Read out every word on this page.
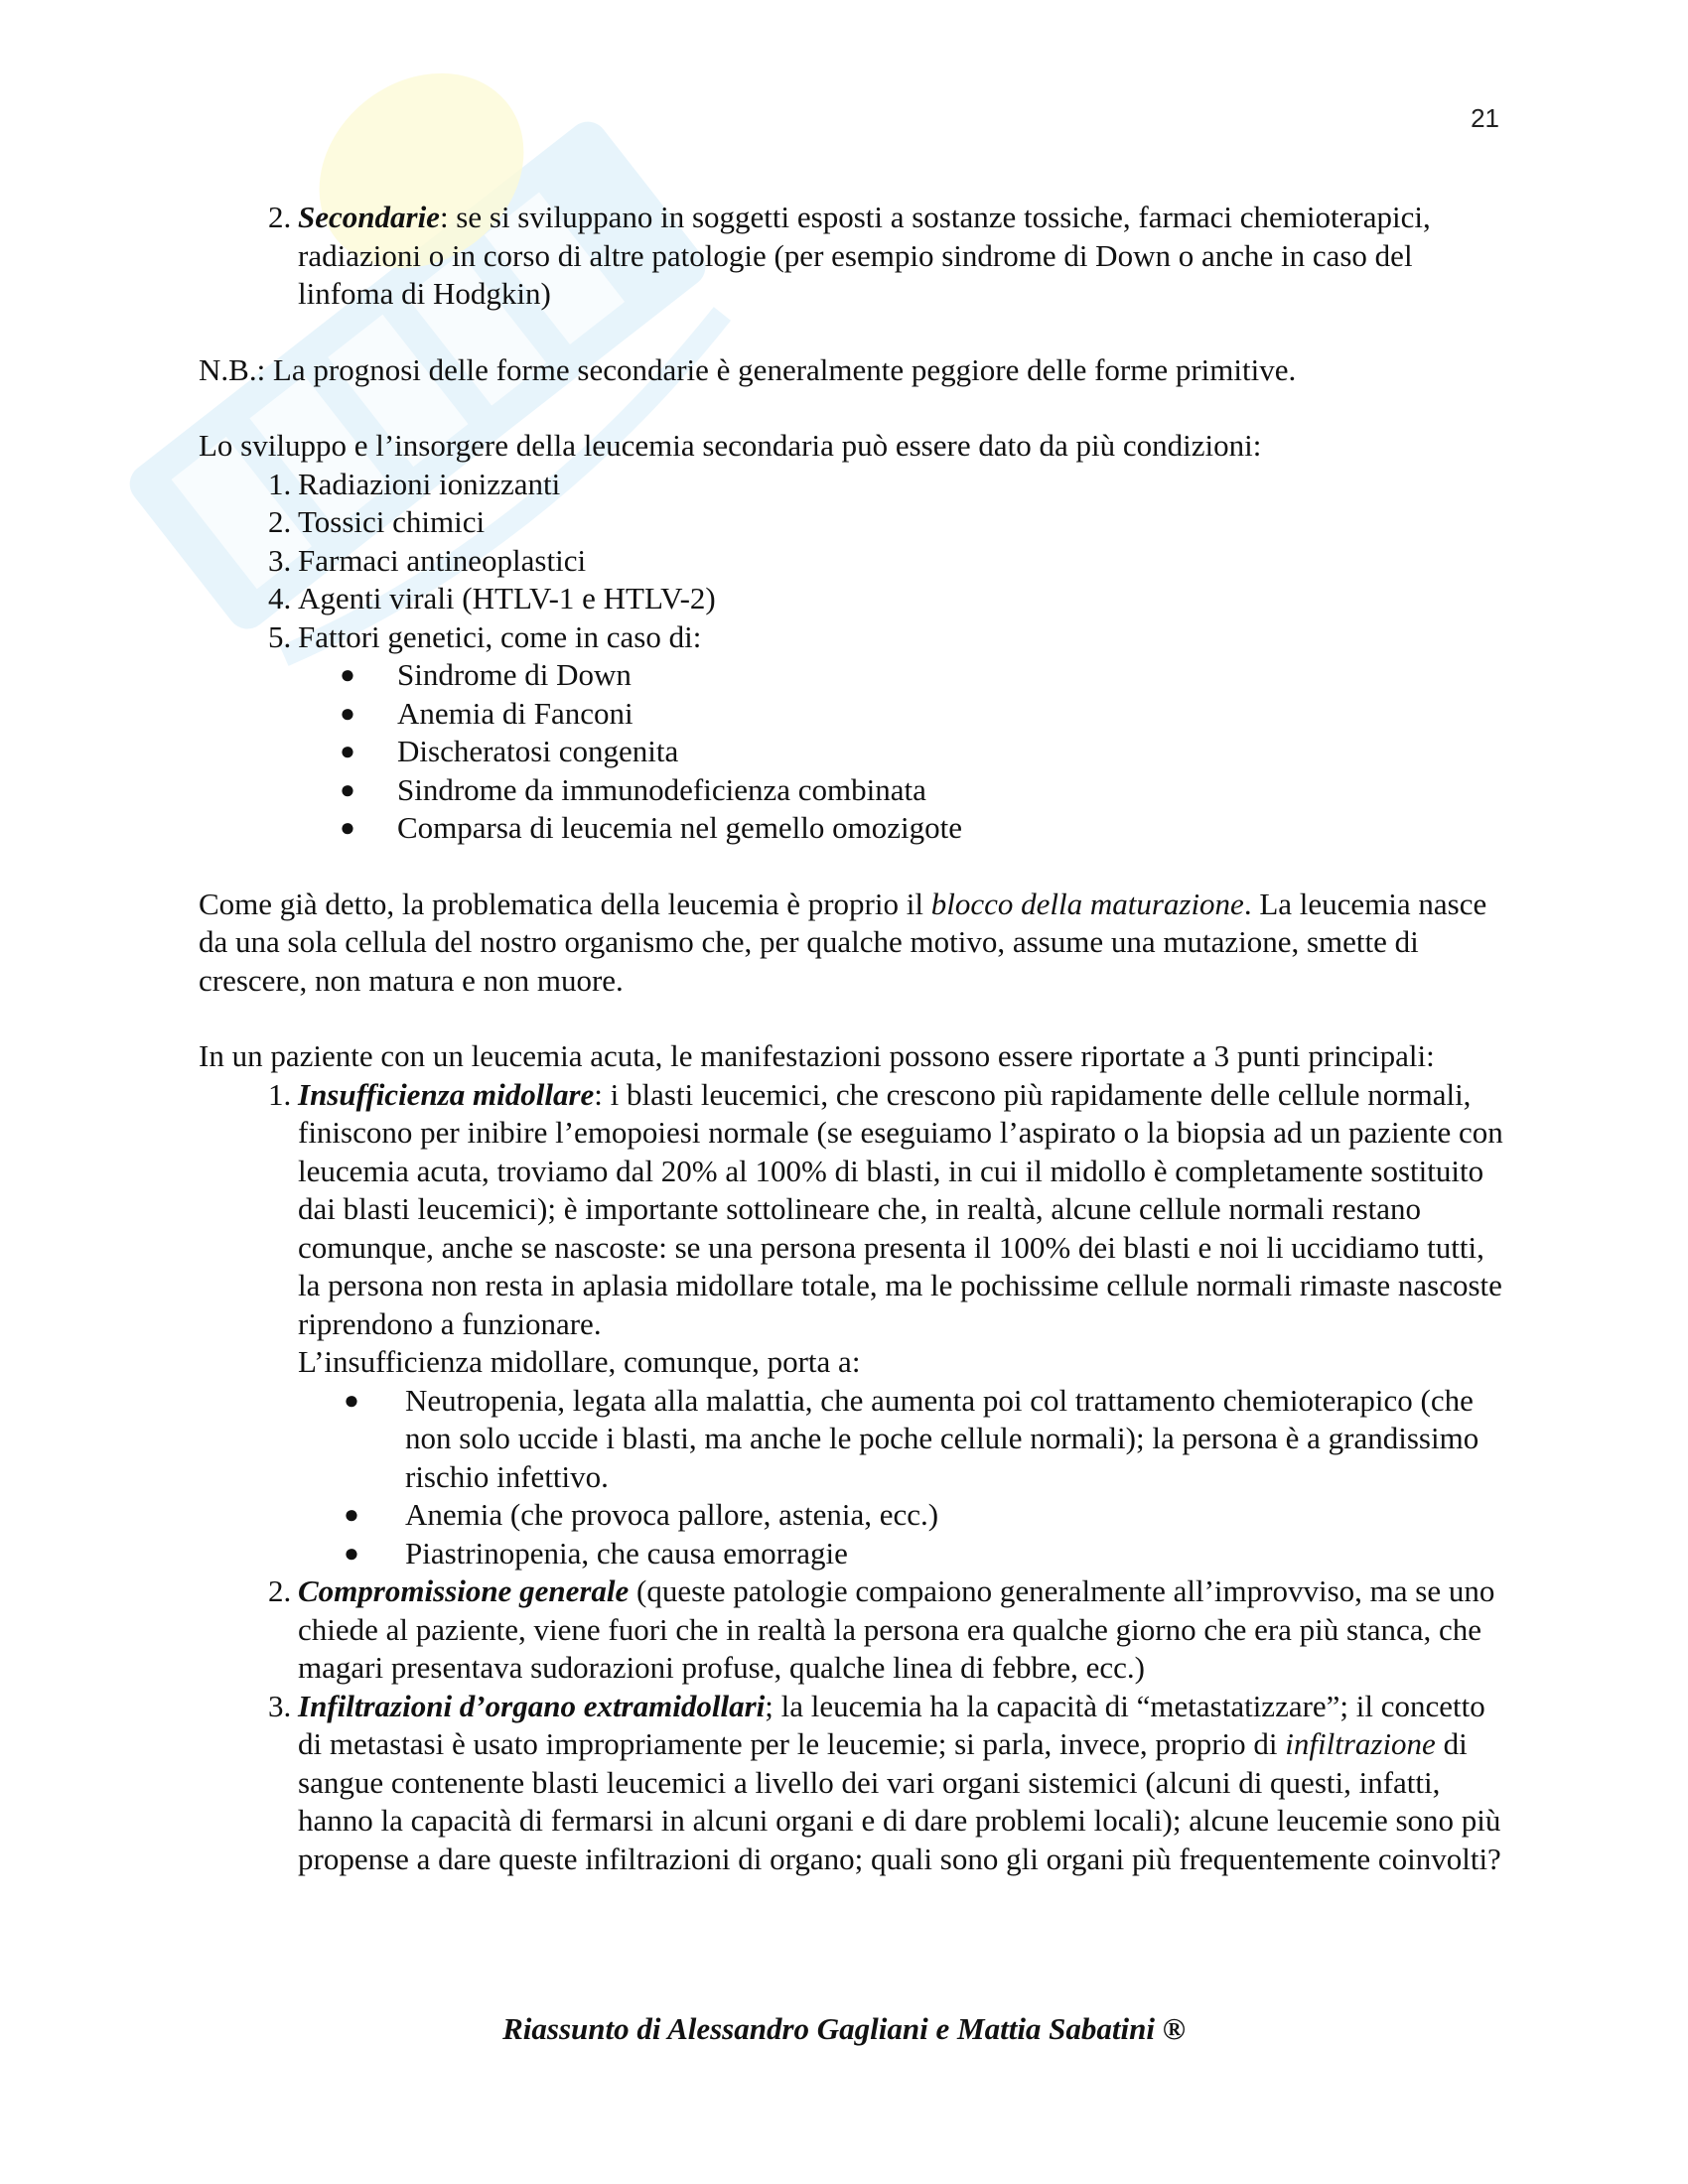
21
2. Secondarie: se si sviluppano in soggetti esposti a sostanze tossiche, farmaci chemioterapici, radiazioni o in corso di altre patologie (per esempio sindrome di Down o anche in caso del linfoma di Hodgkin)

N.B.: La prognosi delle forme secondarie è generalmente peggiore delle forme primitive.

Lo sviluppo e l’insorgere della leucemia secondaria può essere dato da più condizioni:

1. Radiazioni ionizzanti
2. Tossici chimici
3. Farmaci antineoplastici
4. Agenti virali (HTLV-1 e HTLV-2)
5. Fattori genetici, come in caso di:
●	Sindrome di Down
●	Anemia di Fanconi
●	Discheratosi congenita
●	Sindrome da immunodeficienza combinata
●	Comparsa di leucemia nel gemello omozigote

Come già detto, la problematica della leucemia è proprio il blocco della maturazione. La leucemia nasce da una sola cellula del nostro organismo che, per qualche motivo, assume una mutazione, smette di crescere, non matura e non muore.

In un paziente con un leucemia acuta, le manifestazioni possono essere riportate a 3 punti principali:

1. Insufficienza midollare: i blasti leucemici, che crescono più rapidamente delle cellule normali, finiscono per inibire l’emopoiesi normale (se eseguiamo l’aspirato o la biopsia ad un paziente con leucemia acuta, troviamo dal 20% al 100% di blasti, in cui il midollo è completamente sostituito dai blasti leucemici); è importante sottolineare che, in realtà, alcune cellule normali restano comunque, anche se nascoste: se una persona presenta il 100% dei blasti e noi li uccidiamo tutti, la persona non resta in aplasia midollare totale, ma le pochissime cellule normali rimaste nascoste riprendono a funzionare.
L’insufficienza midollare, comunque, porta a:
●	Neutropenia, legata alla malattia, che aumenta poi col trattamento chemioterapico (che non solo uccide i blasti, ma anche le poche cellule normali); la persona è a grandissimo rischio infettivo.
●	Anemia (che provoca pallore, astenia, ecc.)
●	Piastrinopenia, che causa emorragie
2. Compromissione generale (queste patologie compaiono generalmente all’improvviso, ma se uno chiede al paziente, viene fuori che in realtà la persona era qualche giorno che era più stanca, che magari presentava sudorazioni profuse, qualche linea di febbre, ecc.)
3. Infiltrazioni d’organo extramidollari; la leucemia ha la capacità di “metastatizzare”; il concetto di metastasi è usato impropriamente per le leucemie; si parla, invece, proprio di infiltrazione di sangue contenente blasti leucemici a livello dei vari organi sistemici (alcuni di questi, infatti, hanno la capacità di fermarsi in alcuni organi e di dare problemi locali); alcune leucemie sono più propense a dare queste infiltrazioni di organo; quali sono gli organi più frequentemente coinvolti?
Riassunto di Alessandro Gagliani e Mattia Sabatini ®
